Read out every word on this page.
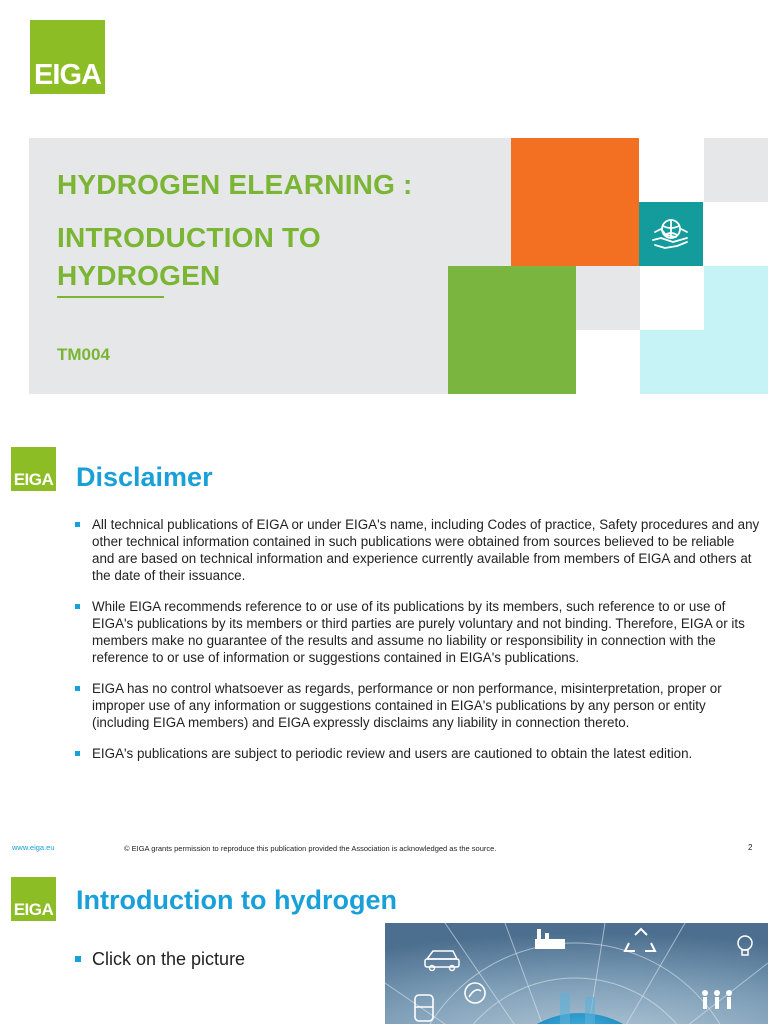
EIGA
HYDROGEN ELEARNING :
INTRODUCTION TO
HYDROGEN
TM004
EIGA Disclaimer
All technical publications of EIGA or under EIGA's name, including Codes of practice, Safety procedures and any other technical information contained in such publications were obtained from sources believed to be reliable and are based on technical information and experience currently available from members of EIGA and others at the date of their issuance.
While EIGA recommends reference to or use of its publications by its members, such reference to or use of EIGA's publications by its members or third parties are purely voluntary and not binding. Therefore, EIGA or its members make no guarantee of the results and assume no liability or responsibility in connection with the reference to or use of information or suggestions contained in EIGA's publications.
EIGA has no control whatsoever as regards, performance or non performance, misinterpretation, proper or improper use of any information or suggestions contained in EIGA's publications by any person or entity (including EIGA members) and EIGA expressly disclaims any liability in connection thereto.
EIGA's publications are subject to periodic review and users are cautioned to obtain the latest edition.
www.eiga.eu	© EIGA grants permission to reproduce this publication provided the Association is acknowledged as the source.	2
EIGA Introduction to hydrogen
Click on the picture
